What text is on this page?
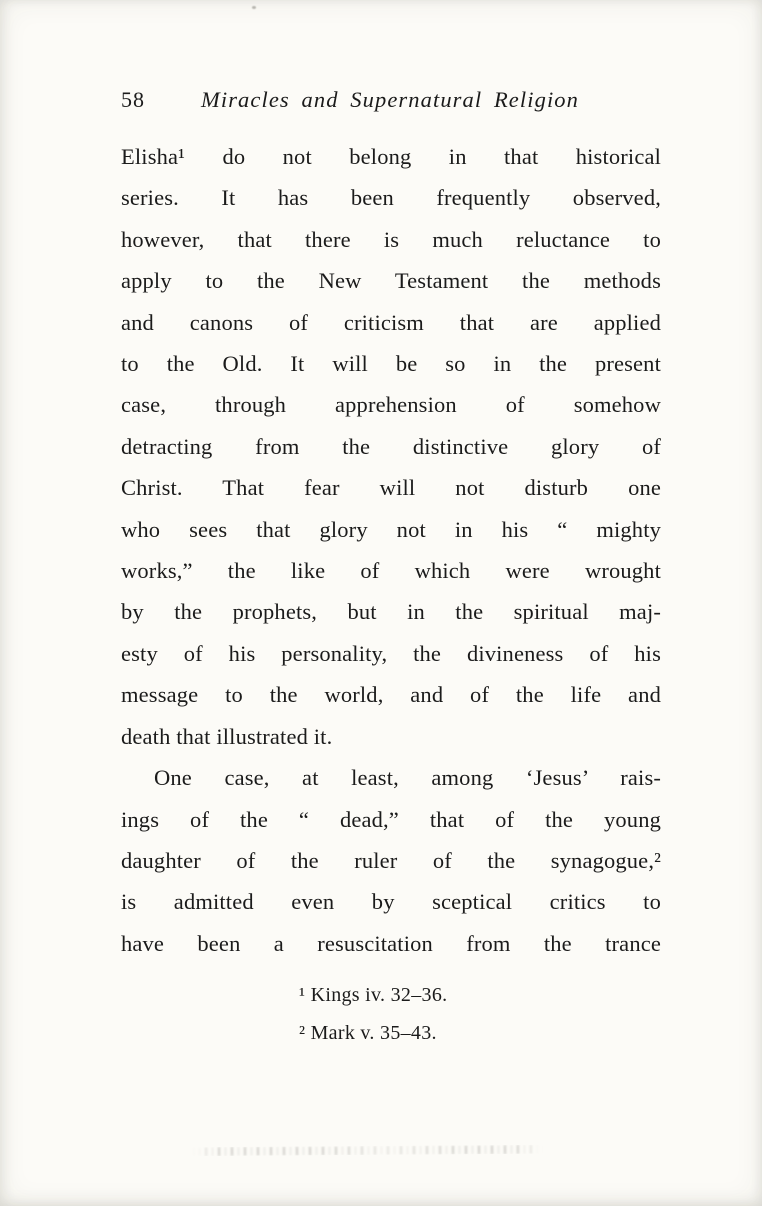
58 Miracles and Supernatural Religion
Elisha¹ do not belong in that historical
series. It has been frequently observed,
however, that there is much reluctance to
apply to the New Testament the methods
and canons of criticism that are applied
to the Old. It will be so in the present
case, through apprehension of somehow
detracting from the distinctive glory of
Christ. That fear will not disturb one
who sees that glory not in his “ mighty
works,” the like of which were wrought
by the prophets, but in the spiritual maj-
esty of his personality, the divineness of his
message to the world, and of the life and
death that illustrated it.
One case, at least, among ‘Jesus’ rais-
ings of the “ dead,” that of the young
daughter of the ruler of the synagogue,²
is admitted even by sceptical critics to
have been a resuscitation from the trance
¹ Kings iv. 32–36.
² Mark v. 35–43.
